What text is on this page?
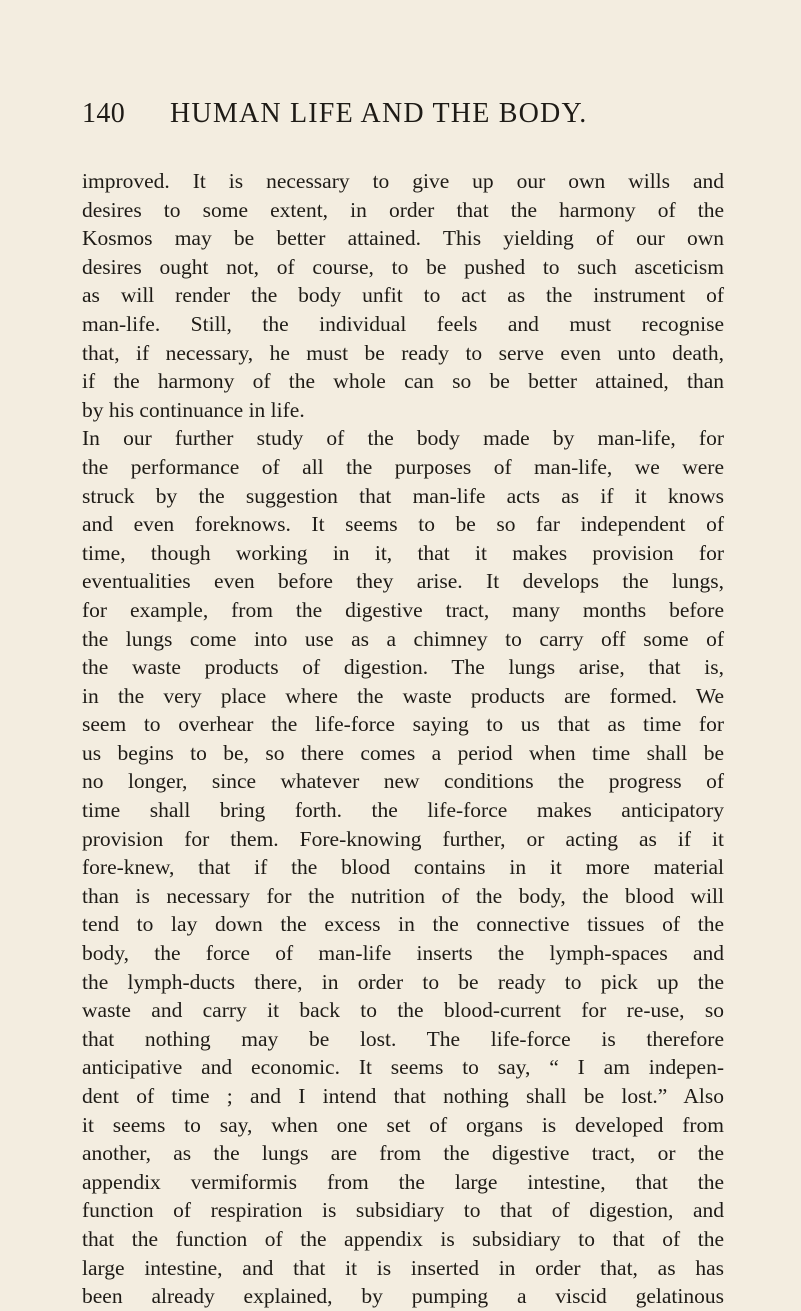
140 HUMAN LIFE AND THE BODY.
improved. It is necessary to give up our own wills and
desires to some extent, in order that the harmony of the
Kosmos may be better attained. This yielding of our own
desires ought not, of course, to be pushed to such asceticism
as will render the body unfit to act as the instrument of
man-life. Still, the individual feels and must recognise
that, if necessary, he must be ready to serve even unto death,
if the harmony of the whole can so be better attained, than
by his continuance in life.
In our further study of the body made by man-life, for
the performance of all the purposes of man-life, we were
struck by the suggestion that man-life acts as if it knows
and even foreknows. It seems to be so far independent of
time, though working in it, that it makes provision for
eventualities even before they arise. It develops the lungs,
for example, from the digestive tract, many months before
the lungs come into use as a chimney to carry off some of
the waste products of digestion. The lungs arise, that is,
in the very place where the waste products are formed. We
seem to overhear the life-force saying to us that as time for
us begins to be, so there comes a period when time shall be
no longer, since whatever new conditions the progress of
time shall bring forth. the life-force makes anticipatory
provision for them. Fore-knowing further, or acting as if it
fore-knew, that if the blood contains in it more material
than is necessary for the nutrition of the body, the blood will
tend to lay down the excess in the connective tissues of the
body, the force of man-life inserts the lymph-spaces and
the lymph-ducts there, in order to be ready to pick up the
waste and carry it back to the blood-current for re-use, so
that nothing may be lost. The life-force is therefore
anticipative and economic. It seems to say, “ I am indepen-
dent of time ; and I intend that nothing shall be lost.” Also
it seems to say, when one set of organs is developed from
another, as the lungs are from the digestive tract, or the
appendix vermiformis from the large intestine, that the
function of respiration is subsidiary to that of digestion, and
that the function of the appendix is subsidiary to that of the
large intestine, and that it is inserted in order that, as has
been already explained, by pumping a viscid gelatinous
